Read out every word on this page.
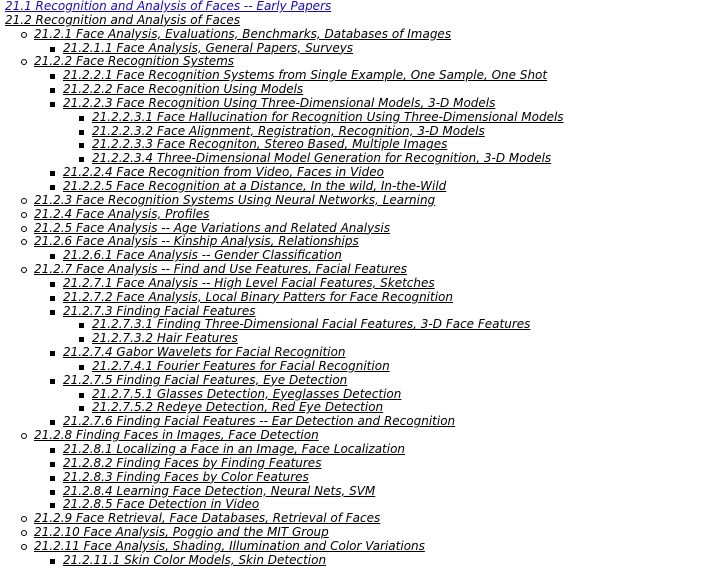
21.1 Recognition and Analysis of Faces -- Early Papers
21.2 Recognition and Analysis of Faces
21.2.1 Face Analysis, Evaluations, Benchmarks, Databases of Images
21.2.1.1 Face Analysis, General Papers, Surveys
21.2.2 Face Recognition Systems
21.2.2.1 Face Recognition Systems from Single Example, One Sample, One Shot
21.2.2.2 Face Recognition Using Models
21.2.2.3 Face Recognition Using Three-Dimensional Models, 3-D Models
21.2.2.3.1 Face Hallucination for Recognition Using Three-Dimensional Models
21.2.2.3.2 Face Alignment, Registration, Recognition, 3-D Models
21.2.2.3.3 Face Recogniton, Stereo Based, Multiple Images
21.2.2.3.4 Three-Dimensional Model Generation for Recognition, 3-D Models
21.2.2.4 Face Recognition from Video, Faces in Video
21.2.2.5 Face Recognition at a Distance, In the wild, In-the-Wild
21.2.3 Face Recognition Systems Using Neural Networks, Learning
21.2.4 Face Analysis, Profiles
21.2.5 Face Analysis -- Age Variations and Related Analysis
21.2.6 Face Analysis -- Kinship Analysis, Relationships
21.2.6.1 Face Analysis -- Gender Classification
21.2.7 Face Analysis -- Find and Use Features, Facial Features
21.2.7.1 Face Analysis -- High Level Facial Features, Sketches
21.2.7.2 Face Analysis, Local Binary Patters for Face Recognition
21.2.7.3 Finding Facial Features
21.2.7.3.1 Finding Three-Dimensional Facial Features, 3-D Face Features
21.2.7.3.2 Hair Features
21.2.7.4 Gabor Wavelets for Facial Recognition
21.2.7.4.1 Fourier Features for Facial Recognition
21.2.7.5 Finding Facial Features, Eye Detection
21.2.7.5.1 Glasses Detection, Eyeglasses Detection
21.2.7.5.2 Redeye Detection, Red Eye Detection
21.2.7.6 Finding Facial Features -- Ear Detection and Recognition
21.2.8 Finding Faces in Images, Face Detection
21.2.8.1 Localizing a Face in an Image, Face Localization
21.2.8.2 Finding Faces by Finding Features
21.2.8.3 Finding Faces by Color Features
21.2.8.4 Learning Face Detection, Neural Nets, SVM
21.2.8.5 Face Detection in Video
21.2.9 Face Retrieval, Face Databases, Retrieval of Faces
21.2.10 Face Analysis, Poggio and the MIT Group
21.2.11 Face Analysis, Shading, Illumination and Color Variations
21.2.11.1 Skin Color Models, Skin Detection
